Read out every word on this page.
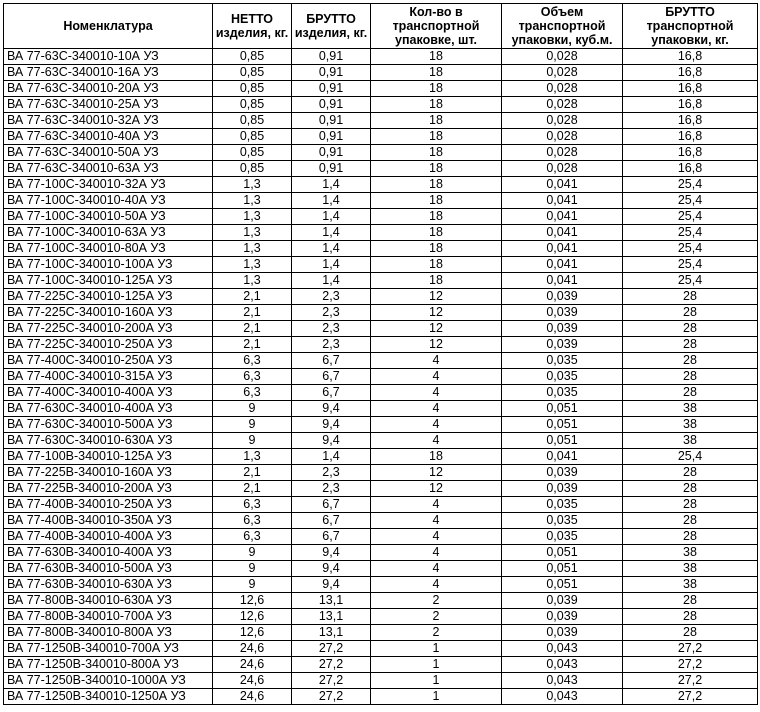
Номенклатура	НЕТТО изделия, кг.	БРУТТО изделия, кг.	Кол-во в транспортной упаковке, шт.	Объем транспортной упаковки, куб.м.	БРУТТО транспортной упаковки, кг.
ВА 77-63С-340010-10А УЗ	0,85	0,91	18	0,028	16,8
ВА 77-63С-340010-16А УЗ	0,85	0,91	18	0,028	16,8
ВА 77-63С-340010-20А УЗ	0,85	0,91	18	0,028	16,8
ВА 77-63С-340010-25А УЗ	0,85	0,91	18	0,028	16,8
ВА 77-63С-340010-32А УЗ	0,85	0,91	18	0,028	16,8
ВА 77-63С-340010-40А УЗ	0,85	0,91	18	0,028	16,8
ВА 77-63С-340010-50А УЗ	0,85	0,91	18	0,028	16,8
ВА 77-63С-340010-63А УЗ	0,85	0,91	18	0,028	16,8
ВА 77-100С-340010-32А УЗ	1,3	1,4	18	0,041	25,4
ВА 77-100С-340010-40А УЗ	1,3	1,4	18	0,041	25,4
ВА 77-100С-340010-50А УЗ	1,3	1,4	18	0,041	25,4
ВА 77-100С-340010-63А УЗ	1,3	1,4	18	0,041	25,4
ВА 77-100С-340010-80А УЗ	1,3	1,4	18	0,041	25,4
ВА 77-100С-340010-100А УЗ	1,3	1,4	18	0,041	25,4
ВА 77-100С-340010-125А УЗ	1,3	1,4	18	0,041	25,4
ВА 77-225С-340010-125А УЗ	2,1	2,3	12	0,039	28
ВА 77-225С-340010-160А УЗ	2,1	2,3	12	0,039	28
ВА 77-225С-340010-200А УЗ	2,1	2,3	12	0,039	28
ВА 77-225С-340010-250А УЗ	2,1	2,3	12	0,039	28
ВА 77-400С-340010-250А УЗ	6,3	6,7	4	0,035	28
ВА 77-400С-340010-315А УЗ	6,3	6,7	4	0,035	28
ВА 77-400С-340010-400А УЗ	6,3	6,7	4	0,035	28
ВА 77-630С-340010-400А УЗ	9	9,4	4	0,051	38
ВА 77-630С-340010-500А УЗ	9	9,4	4	0,051	38
ВА 77-630С-340010-630А УЗ	9	9,4	4	0,051	38
ВА 77-100В-340010-125А УЗ	1,3	1,4	18	0,041	25,4
ВА 77-225В-340010-160А УЗ	2,1	2,3	12	0,039	28
ВА 77-225В-340010-200А УЗ	2,1	2,3	12	0,039	28
ВА 77-400В-340010-250А УЗ	6,3	6,7	4	0,035	28
ВА 77-400В-340010-350А УЗ	6,3	6,7	4	0,035	28
ВА 77-400В-340010-400А УЗ	6,3	6,7	4	0,035	28
ВА 77-630В-340010-400А УЗ	9	9,4	4	0,051	38
ВА 77-630В-340010-500А УЗ	9	9,4	4	0,051	38
ВА 77-630В-340010-630А УЗ	9	9,4	4	0,051	38
ВА 77-800В-340010-630А УЗ	12,6	13,1	2	0,039	28
ВА 77-800В-340010-700А УЗ	12,6	13,1	2	0,039	28
ВА 77-800В-340010-800А УЗ	12,6	13,1	2	0,039	28
ВА 77-1250В-340010-700А УЗ	24,6	27,2	1	0,043	27,2
ВА 77-1250В-340010-800А УЗ	24,6	27,2	1	0,043	27,2
ВА 77-1250В-340010-1000А УЗ	24,6	27,2	1	0,043	27,2
ВА 77-1250В-340010-1250А УЗ	24,6	27,2	1	0,043	27,2
